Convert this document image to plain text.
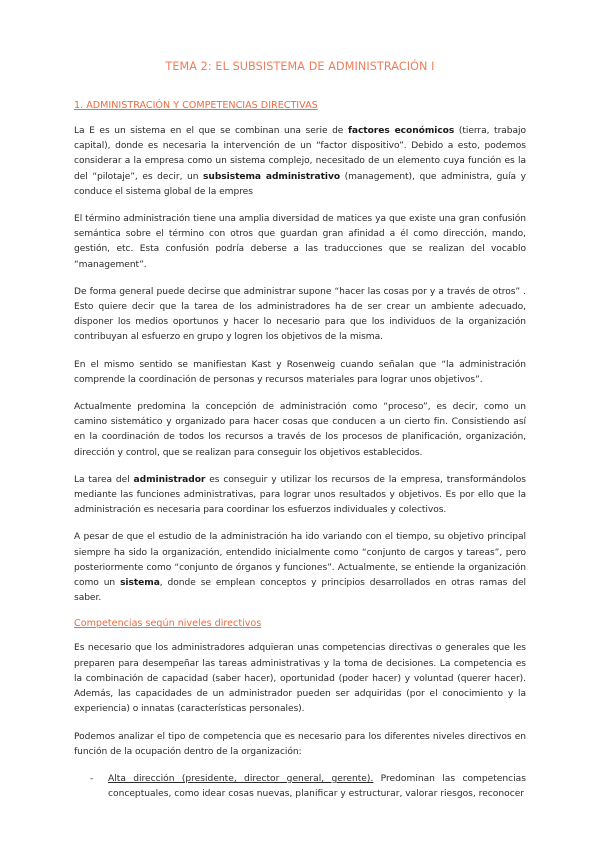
TEMA 2: EL SUBSISTEMA DE ADMINISTRACIÓN I
1. ADMINISTRACIÓN Y COMPETENCIAS DIRECTIVAS

La E es un sistema en el que se combinan una serie de factores económicos (tierra, trabajo capital), donde es necesaria la intervención de un “factor dispositivo”. Debido a esto, podemos considerar a la empresa como un sistema complejo, necesitado de un elemento cuya función es la del “pilotaje”, es decir, un subsistema administrativo (management), que administra, guía y conduce el sistema global de la empres

El término administración tiene una amplia diversidad de matices ya que existe una gran confusión semántica sobre el término con otros que guardan gran afinidad a él como dirección, mando, gestión, etc. Esta confusión podría deberse a las traducciones que se realizan del vocablo “management”.

De forma general puede decirse que administrar supone “hacer las cosas por y a través de otros” . Esto quiere decir que la tarea de los administradores ha de ser crear un ambiente adecuado, disponer los medios oportunos y hacer lo necesario para que los individuos de la organización contribuyan al esfuerzo en grupo y logren los objetivos de la misma.

En el mismo sentido se manifiestan Kast y Rosenweig cuando señalan que “la administración comprende la coordinación de personas y recursos materiales para lograr unos objetivos”.

Actualmente predomina la concepción de administración como “proceso”, es decir, como un camino sistemático y organizado para hacer cosas que conducen a un cierto fin. Consistiendo así en la coordinación de todos los recursos a través de los procesos de planificación, organización, dirección y control, que se realizan para conseguir los objetivos establecidos.

La tarea del administrador es conseguir y utilizar los recursos de la empresa, transformándolos mediante las funciones administrativas, para lograr unos resultados y objetivos. Es por ello que la administración es necesaria para coordinar los esfuerzos individuales y colectivos.

A pesar de que el estudio de la administración ha ido variando con el tiempo, su objetivo principal siempre ha sido la organización, entendido inicialmente como “conjunto de cargos y tareas”, pero posteriormente como “conjunto de órganos y funciones”. Actualmente, se entiende la organización como un sistema, donde se emplean conceptos y principios desarrollados en otras ramas del saber.

Competencias según niveles directivos

Es necesario que los administradores adquieran unas competencias directivas o generales que les preparen para desempeñar las tareas administrativas y la toma de decisiones. La competencia es la combinación de capacidad (saber hacer), oportunidad (poder hacer) y voluntad (querer hacer). Además, las capacidades de un administrador pueden ser adquiridas (por el conocimiento y la experiencia) o innatas (características personales).

Podemos analizar el tipo de competencia que es necesario para los diferentes niveles directivos en función de la ocupación dentro de la organización:

- Alta dirección (presidente, director general, gerente). Predominan las competencias conceptuales, como idear cosas nuevas, planificar y estructurar, valorar riesgos, reconocer
